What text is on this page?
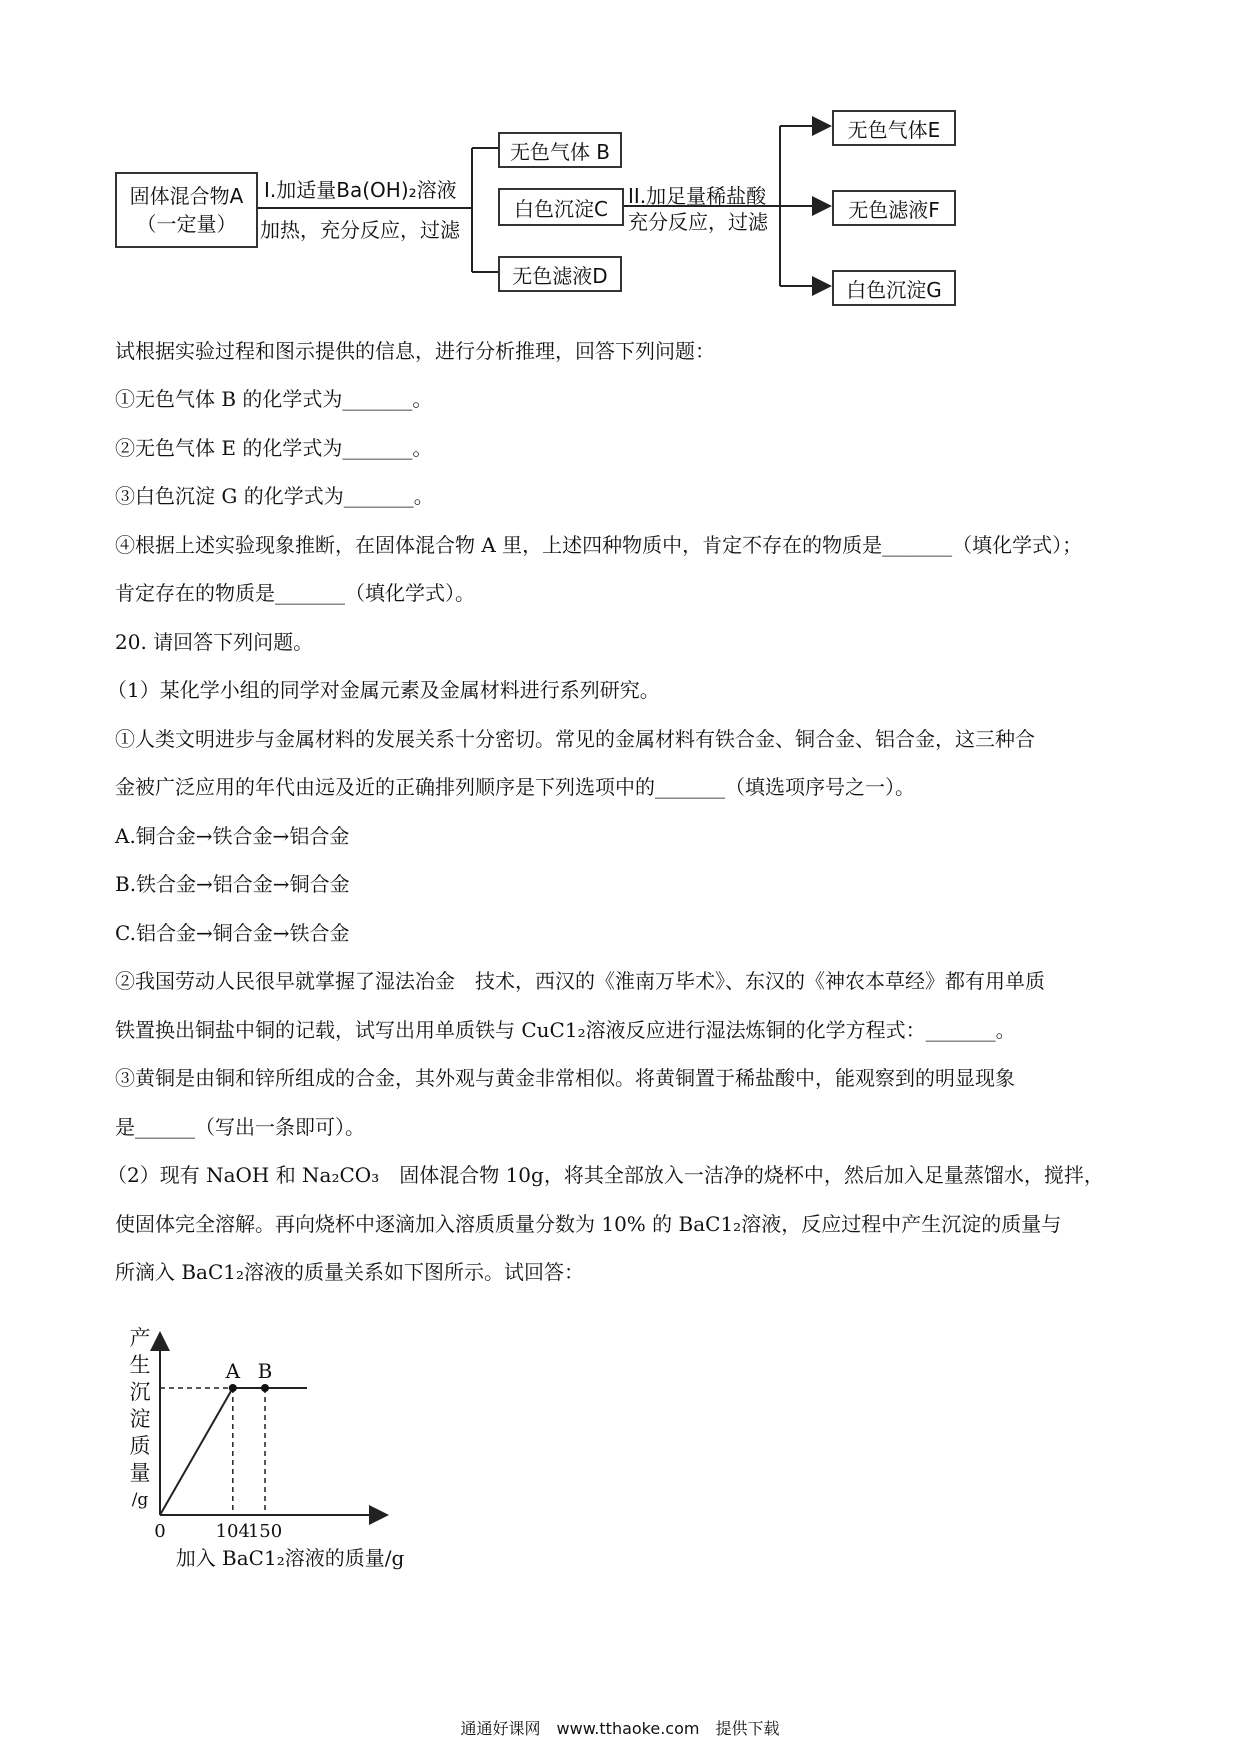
固体混合物A
（一定量）
I.加适量Ba(OH)₂溶液
加热，充分反应，过滤
无色气体 B
白色沉淀C
无色滤液D
II.加足量稀盐酸
充分反应，过滤
无色气体E
无色滤液F
白色沉淀G
试根据实验过程和图示提供的信息，进行分析推理，回答下列问题：
①无色气体 B 的化学式为_______。
②无色气体 E 的化学式为_______。
③白色沉淀 G 的化学式为_______。
④根据上述实验现象推断，在固体混合物 A 里，上述四种物质中，肯定不存在的物质是_______（填化学式）；
肯定存在的物质是_______（填化学式）。
20. 请回答下列问题。
（1）某化学小组的同学对金属元素及金属材料进行系列研究。
①人类文明进步与金属材料的发展关系十分密切。常见的金属材料有铁合金、铜合金、铝合金，这三种合
金被广泛应用的年代由远及近的正确排列顺序是下列选项中的_______（填选项序号之一）。
A.铜合金→铁合金→铝合金
B.铁合金→铝合金→铜合金
C.铝合金→铜合金→铁合金
②我国劳动人民很早就掌握了湿法冶金　技术，西汉的《淮南万毕术》、东汉的《神农本草经》都有用单质
铁置换出铜盐中铜的记载，试写出用单质铁与 CuC1₂溶液反应进行湿法炼铜的化学方程式：_______。
③黄铜是由铜和锌所组成的合金，其外观与黄金非常相似。将黄铜置于稀盐酸中，能观察到的明显现象
是______（写出一条即可）。
（2）现有 NaOH 和 Na₂CO₃　固体混合物 10g，将其全部放入一洁净的烧杯中，然后加入足量蒸馏水，搅拌，
使固体完全溶解。再向烧杯中逐滴加入溶质质量分数为 10% 的 BaC1₂溶液，反应过程中产生沉淀的质量与
所滴入 BaC1₂溶液的质量关系如下图所示。试回答：
产
生
沉
淀
质
量
/g
A B
0	104
150
加入 BaC1₂溶液的质量/g
通通好课网　www.tthaoke.com　提供下载
